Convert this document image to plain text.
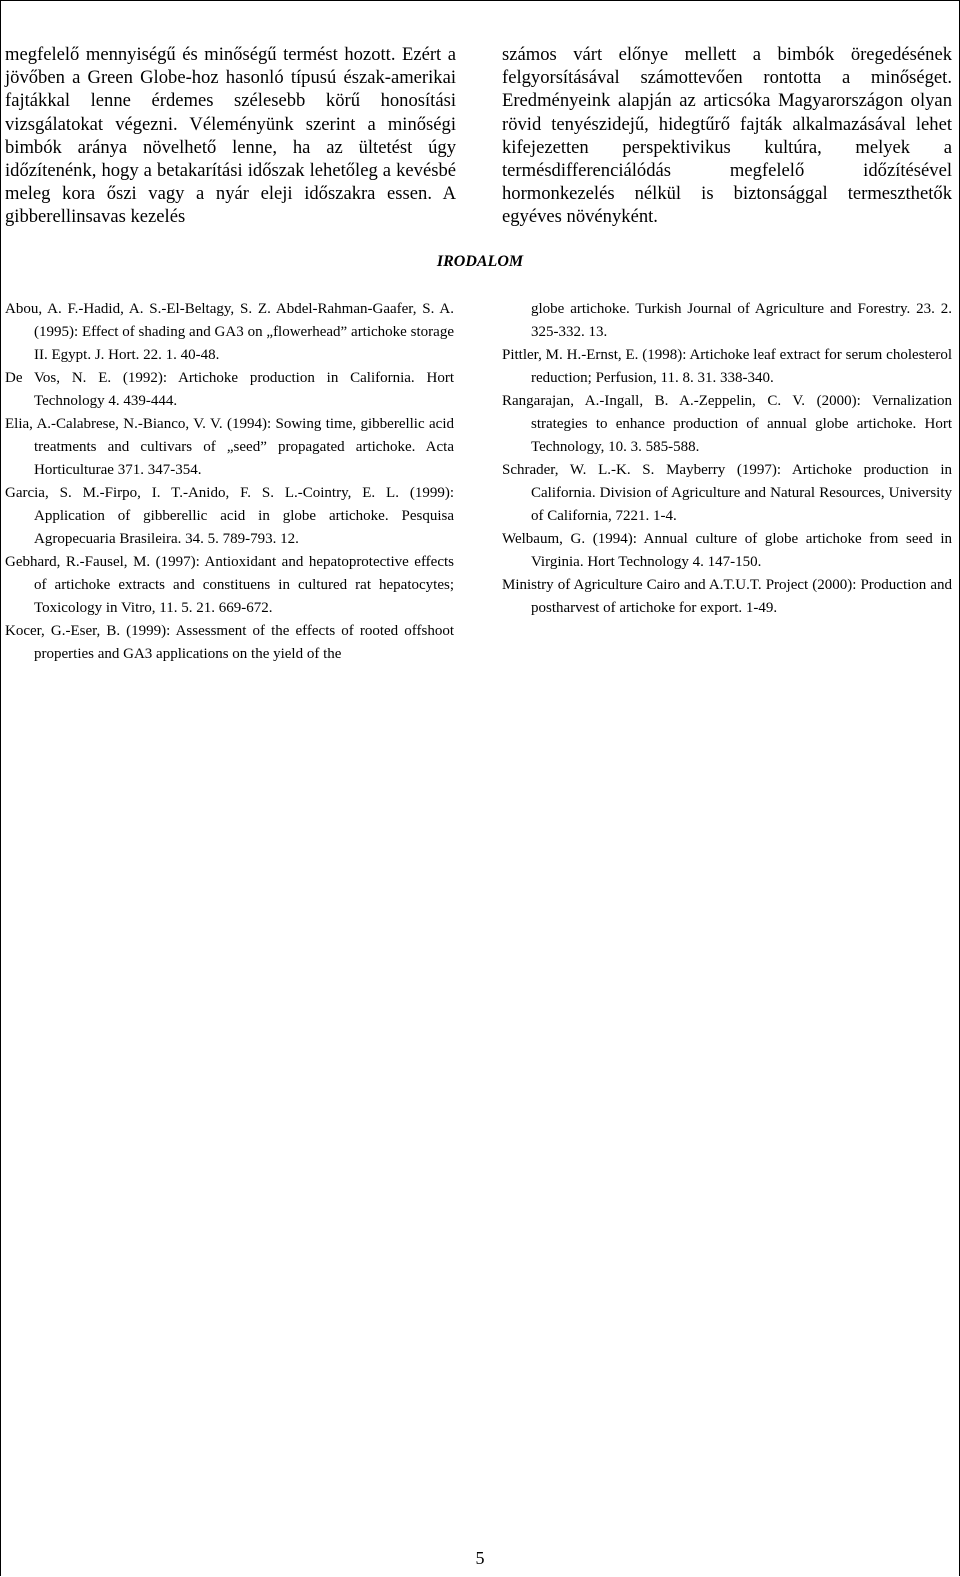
megfelelő mennyiségű és minőségű termést hozott. Ezért a jövőben a Green Globe-hoz hasonló típusú észak-amerikai fajtákkal lenne érdemes szélesebb körű honosítási vizsgálatokat végezni. Véleményünk szerint a minőségi bimbók aránya növelhető lenne, ha az ültetést úgy időzítenénk, hogy a betakarítási időszak lehetőleg a kevésbé meleg kora őszi vagy a nyár eleji időszakra essen. A gibberellinsavas kezelés

számos várt előnye mellett a bimbók öregedésének felgyorsításával számottevően rontotta a minőséget. Eredményeink alapján az articsóka Magyarországon olyan rövid tenyészidejű, hidegtűrő fajták alkalmazásával lehet kifejezetten perspektivikus kultúra, melyek a termésdifferenciálódás megfelelő időzítésével hormonkezelés nélkül is biztonsággal termeszthetők egyéves növényként.

IRODALOM

Abou, A. F.-Hadid, A. S.-El-Beltagy, S. Z. Abdel-Rahman-Gaafer, S. A. (1995): Effect of shading and GA3 on „flowerhead” artichoke storage II. Egypt. J. Hort. 22. 1. 40-48.

De Vos, N. E. (1992): Artichoke production in California. Hort Technology 4. 439-444.

Elia, A.-Calabrese, N.-Bianco, V. V. (1994): Sowing time, gibberellic acid treatments and cultivars of „seed” propagated artichoke. Acta Horticulturae 371. 347-354.

Garcia, S. M.-Firpo, I. T.-Anido, F. S. L.-Cointry, E. L. (1999): Application of gibberellic acid in globe artichoke. Pesquisa Agropecuaria Brasileira. 34. 5. 789-793. 12.

Gebhard, R.-Fausel, M. (1997): Antioxidant and hepatoprotective effects of artichoke extracts and constituens in cultured rat hepatocytes; Toxicology in Vitro, 11. 5. 21. 669-672.

Kocer, G.-Eser, B. (1999): Assessment of the effects of rooted offshoot properties and GA3 applications on the yield of the

globe artichoke. Turkish Journal of Agriculture and Forestry. 23. 2. 325-332. 13.

Pittler, M. H.-Ernst, E. (1998): Artichoke leaf extract for serum cholesterol reduction; Perfusion, 11. 8. 31. 338-340.

Rangarajan, A.-Ingall, B. A.-Zeppelin, C. V. (2000): Vernalization strategies to enhance production of annual globe artichoke. Hort Technology, 10. 3. 585-588.

Schrader, W. L.-K. S. Mayberry (1997): Artichoke production in California. Division of Agriculture and Natural Resources, University of California, 7221. 1-4.

Welbaum, G. (1994): Annual culture of globe artichoke from seed in Virginia. Hort Technology 4. 147-150.

Ministry of Agriculture Cairo and A.T.U.T. Project (2000): Production and postharvest of artichoke for export. 1-49.

5
